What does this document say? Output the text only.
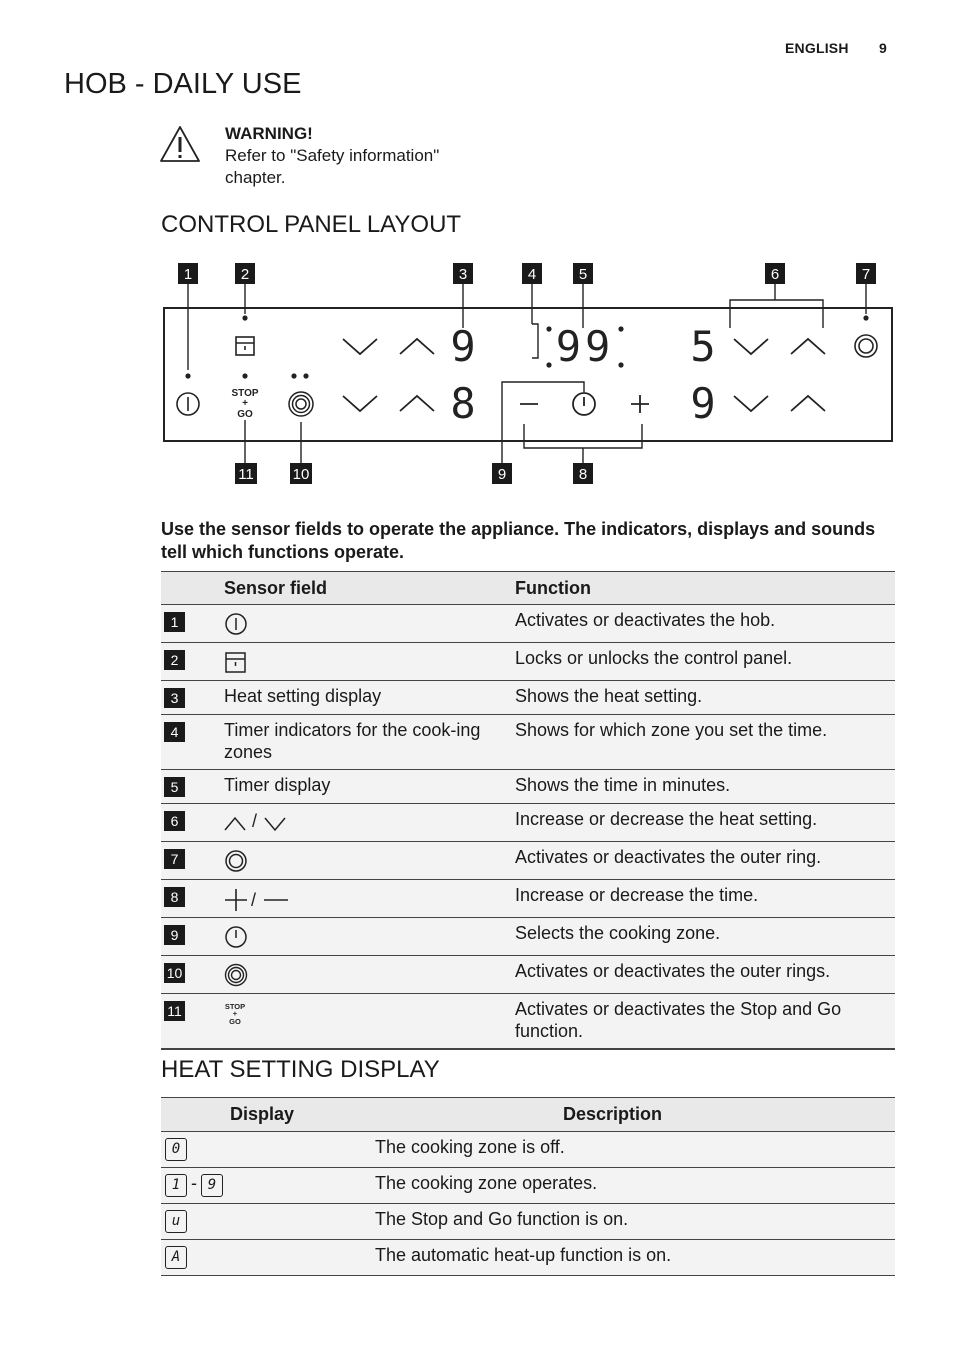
ENGLISH 9
HOB - DAILY USE
WARNING!
Refer to "Safety information" chapter.
CONTROL PANEL LAYOUT
1	2	3	4	5	6	7
11	10	9	8
STOP
+
GO
9 99 5
8	9
Use the sensor fields to operate the appliance. The indicators, displays and sounds tell which functions operate.
	Sensor field	Function
1		Activates or deactivates the hob.
2		Locks or unlocks the control panel.
3	Heat setting display	Shows the heat setting.
4	Timer indicators for the cook-ing zones	Shows for which zone you set the time.
5	Timer display	Shows the time in minutes.
6	/	Increase or decrease the heat setting.
7		Activates or deactivates the outer ring.
8	/	Increase or decrease the time.
9		Selects the cooking zone.
10		Activates or deactivates the outer rings.
11	STOP
+
GO	Activates or deactivates the Stop and Go function.
HEAT SETTING DISPLAY
Display	Description
0	The cooking zone is off.
1 - 9	The cooking zone operates.
u	The Stop and Go function is on.
A	The automatic heat-up function is on.
